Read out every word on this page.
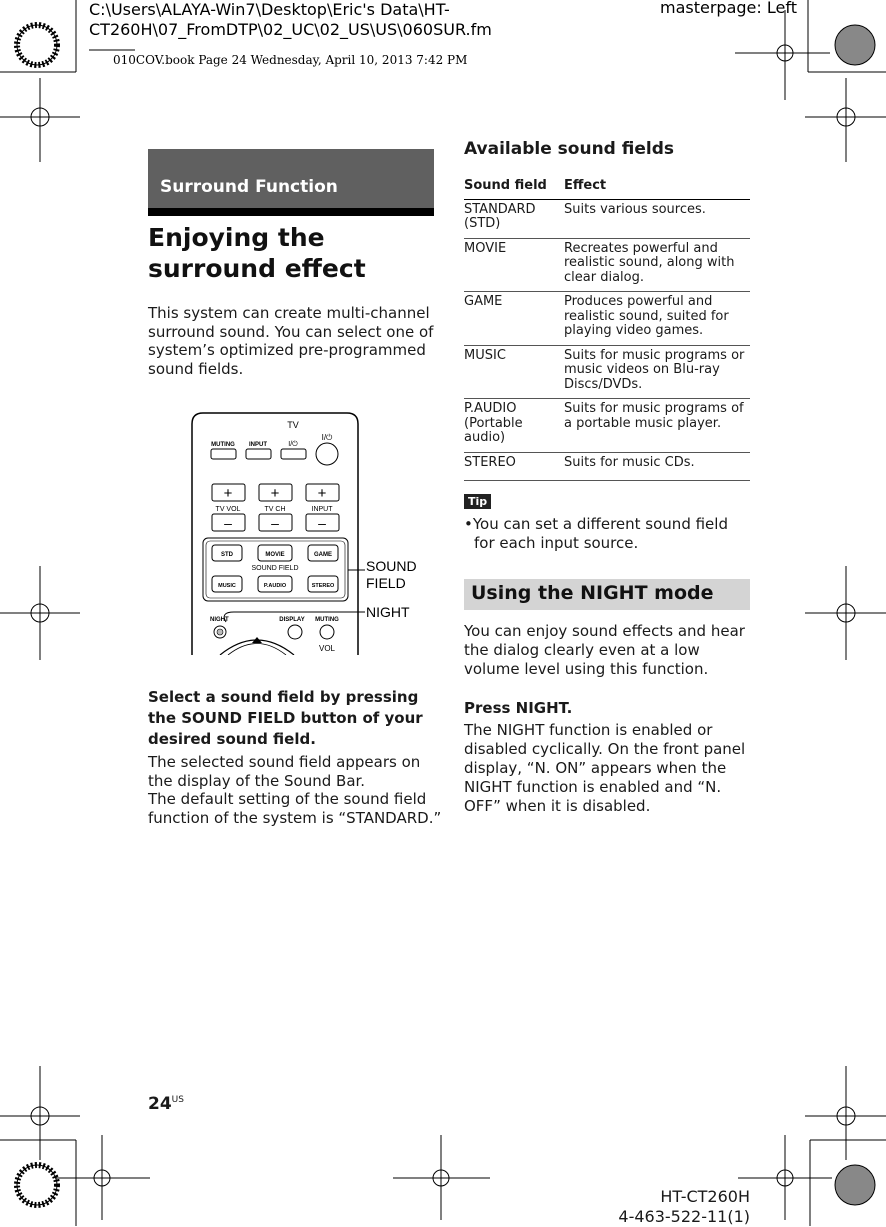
C:\Users\ALAYA-Win7\Desktop\Eric's Data\HT-
CT260H\07_FromDTP\02_UC\02_US\US\060SUR.fm
masterpage: Left
010COV.book Page 24 Wednesday, April 10, 2013 7:42 PM
Surround Function
Enjoying the surround effect
This system can create multi-channel surround sound. You can select one of system’s optimized pre-programmed sound fields.
TV
I/⏻
I/⏻
MUTING INPUT
+	+	+
TV VOL	TV CH	INPUT
–	–	–
STD	MOVIE	GAME
SOUND FIELD
MUSIC	P.AUDIO	STEREO
NIGHT	DISPLAY MUTING
VOL
SOUND
FIELD
NIGHT
Select a sound field by pressing the SOUND FIELD button of your desired sound field.
The selected sound field appears on the display of the Sound Bar.
The default setting of the sound field function of the system is “STANDARD.”
Available sound fields
Sound field	Effect
STANDARD (STD)	Suits various sources.
MOVIE	Recreates powerful and realistic sound, along with clear dialog.
GAME	Produces powerful and realistic sound, suited for playing video games.
MUSIC	Suits for music programs or music videos on Blu-ray Discs/DVDs.
P.AUDIO (Portable audio)	Suits for music programs of a portable music player.
STEREO	Suits for music CDs.
Tip
•You can set a different sound field for each input source.
Using the NIGHT mode
You can enjoy sound effects and hear the dialog clearly even at a low volume level using this function.
Press NIGHT.
The NIGHT function is enabled or disabled cyclically. On the front panel display, “N. ON” appears when the NIGHT function is enabled and “N. OFF” when it is disabled.
$24^{US}$
HT-CT260H
4-463-522-11(1)
